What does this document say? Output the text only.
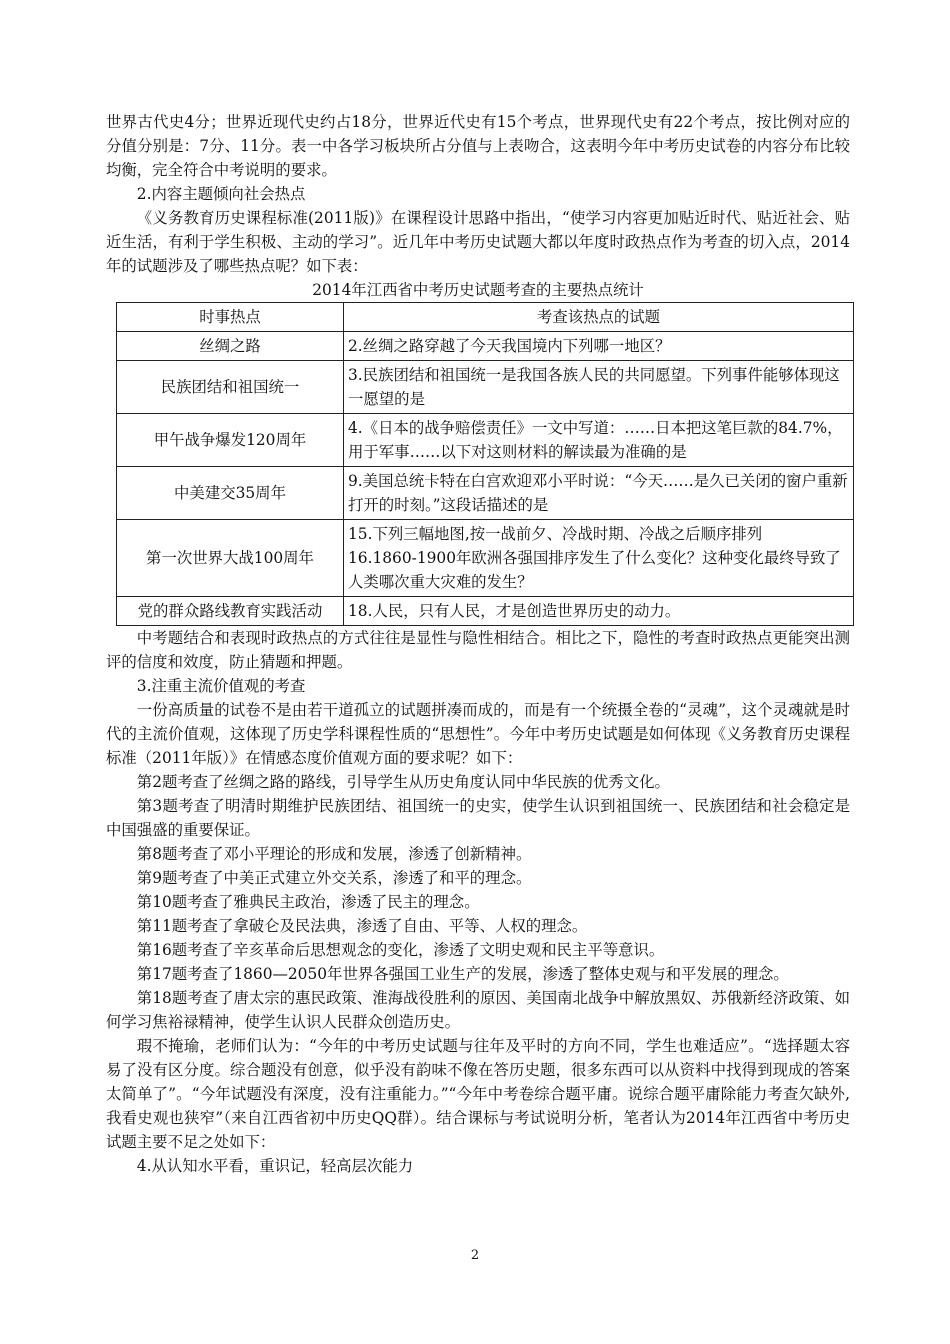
世界古代史4分；世界近现代史约占18分，世界近代史有15个考点，世界现代史有22个考点，按比例对应的分值分别是：7分、11分。表一中各学习板块所占分值与上表吻合，这表明今年中考历史试卷的内容分布比较均衡，完全符合中考说明的要求。

2.内容主题倾向社会热点

《义务教育历史课程标准(2011版)》在课程设计思路中指出，“使学习内容更加贴近时代、贴近社会、贴近生活，有利于学生积极、主动的学习”。近几年中考历史试题大都以年度时政热点作为考查的切入点，2014年的试题涉及了哪些热点呢？如下表：

2014年江西省中考历史试题考查的主要热点统计

时事热点	考查该热点的试题
丝绸之路	2.丝绸之路穿越了今天我国境内下列哪一地区？

民族团结和祖国统一	3.民族团结和祖国统一是我国各族人民的共同愿望。下列事件能够体现这一愿望的是

甲午战争爆发120周年	4.《日本的战争赔偿责任》一文中写道：……日本把这笔巨款的84.7%，用于军事……以下对这则材料的解读最为准确的是

中美建交35周年	9.美国总统卡特在白宫欢迎邓小平时说：“今天……是久已关闭的窗户重新打开的时刻。”这段话描述的是

第一次世界大战100周年	15.下列三幅地图,按一战前夕、冷战时期、冷战之后顺序排列
16.1860-1900年欧洲各强国排序发生了什么变化？这种变化最终导致了人类哪次重大灾难的发生？

党的群众路线教育实践活动	18.人民，只有人民，才是创造世界历史的动力。

中考题结合和表现时政热点的方式往往是显性与隐性相结合。相比之下，隐性的考查时政热点更能突出测评的信度和效度，防止猜题和押题。

3.注重主流价值观的考查

一份高质量的试卷不是由若干道孤立的试题拼凑而成的，而是有一个统摄全卷的“灵魂”，这个灵魂就是时代的主流价值观，这体现了历史学科课程性质的“思想性”。今年中考历史试题是如何体现《义务教育历史课程标准（2011年版）》在情感态度价值观方面的要求呢？如下：

第2题考查了丝绸之路的路线，引导学生从历史角度认同中华民族的优秀文化。

第3题考查了明清时期维护民族团结、祖国统一的史实，使学生认识到祖国统一、民族团结和社会稳定是中国强盛的重要保证。

第8题考查了邓小平理论的形成和发展，渗透了创新精神。

第9题考查了中美正式建立外交关系，渗透了和平的理念。

第10题考查了雅典民主政治，渗透了民主的理念。

第11题考查了拿破仑及民法典，渗透了自由、平等、人权的理念。

第16题考查了辛亥革命后思想观念的变化，渗透了文明史观和民主平等意识。

第17题考查了1860—2050年世界各强国工业生产的发展，渗透了整体史观与和平发展的理念。

第18题考查了唐太宗的惠民政策、淮海战役胜利的原因、美国南北战争中解放黑奴、苏俄新经济政策、如何学习焦裕禄精神，使学生认识人民群众创造历史。

瑕不掩瑜，老师们认为：“今年的中考历史试题与往年及平时的方向不同，学生也难适应”。“选择题太容易了没有区分度。综合题没有创意，似乎没有韵味不像在答历史题，很多东西可以从资料中找得到现成的答案太简单了”。“今年试题没有深度，没有注重能力。”“今年中考卷综合题平庸。说综合题平庸除能力考查欠缺外,我看史观也狭窄”（来自江西省初中历史QQ群）。结合课标与考试说明分析，笔者认为2014年江西省中考历史试题主要不足之处如下：

4.从认知水平看，重识记，轻高层次能力

2
